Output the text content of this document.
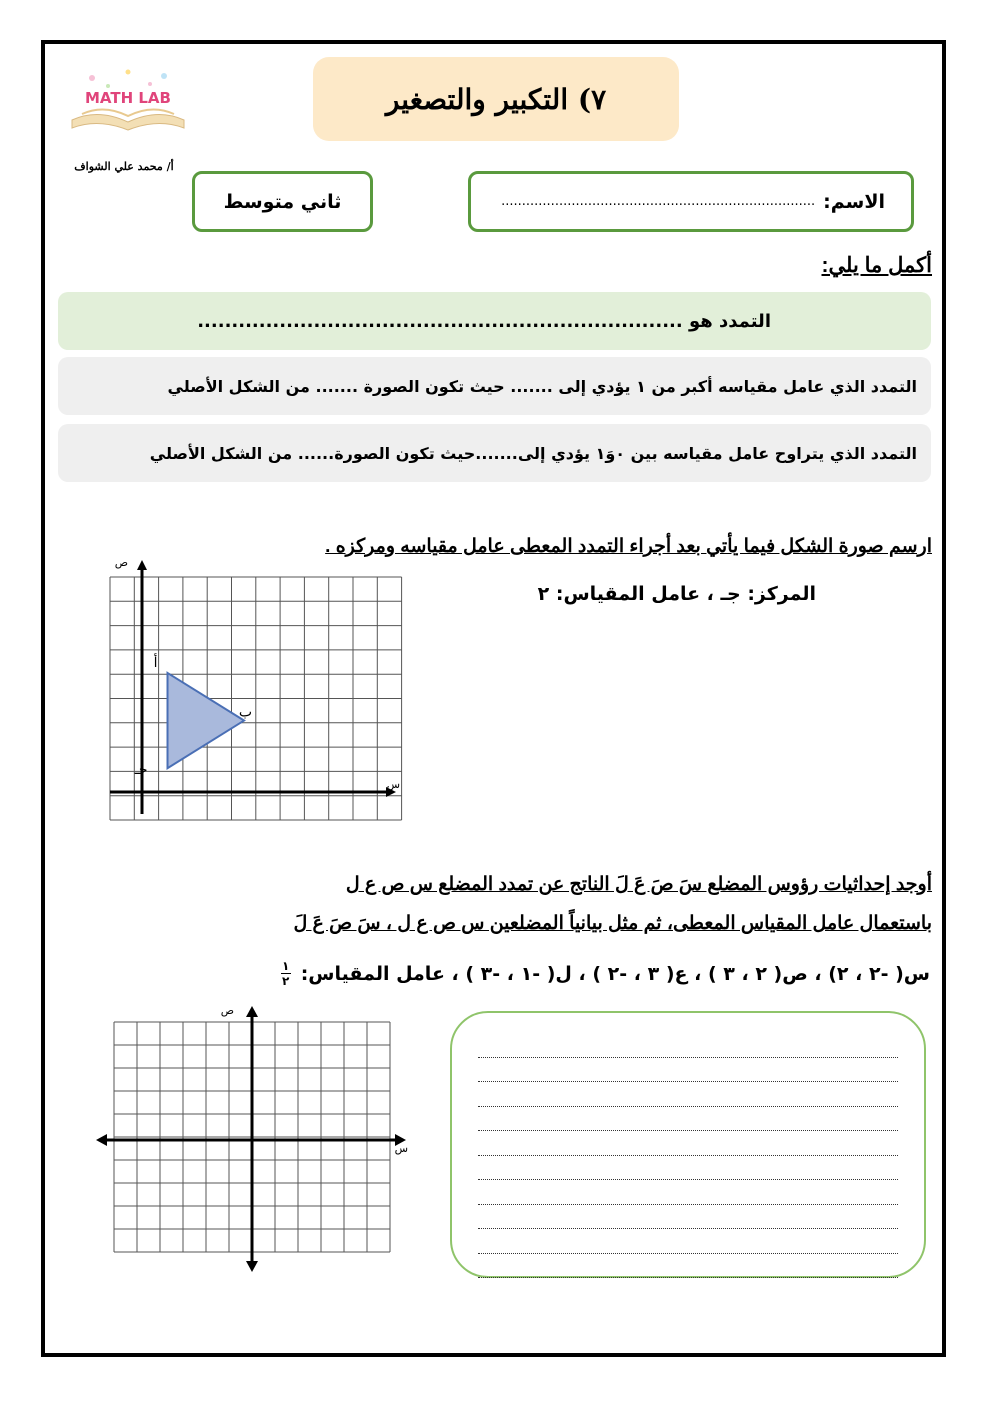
MATH LAB	٧) التكبير والتصغير
أ/ محمد علي الشواف
ثاني متوسط	الاسم:
............................................................................
أكمل ما يلي:
التمدد هو .......................................................................
التمدد الذي عامل مقياسه أكبر من ١ يؤدي إلى ....... حيث تكون الصورة ....... من الشكل الأصلي
التمدد الذي يتراوح عامل مقياسه بين ٠وَ١ يؤدي إلى.......حيث تكون الصورة...... من الشكل الأصلي
ارسم صورة الشكل فيما يأتي بعد أجراء التمدد المعطى عامل مقياسه ومركزه .
المركز: جـ ، عامل المقياس: ٢
ص
س
أ
ب
جـ
أوجد إحداثيات رؤوس المضلع سَ صَ عَ لَ الناتج عن تمدد المضلع س ص ع ل
باستعمال عامل المقياس المعطى، ثم مثل بيانياً المضلعين س ص ع ل ، سَ صَ عَ لَ
س( -٢ ، ٢) ، ص( ٢ ، ٣ ) ، ع( ٣ ، -٢ ) ، ل( -١ ، -٣ ) ، عامل المقياس:
$\frac{١}{٢}$
ص
س
